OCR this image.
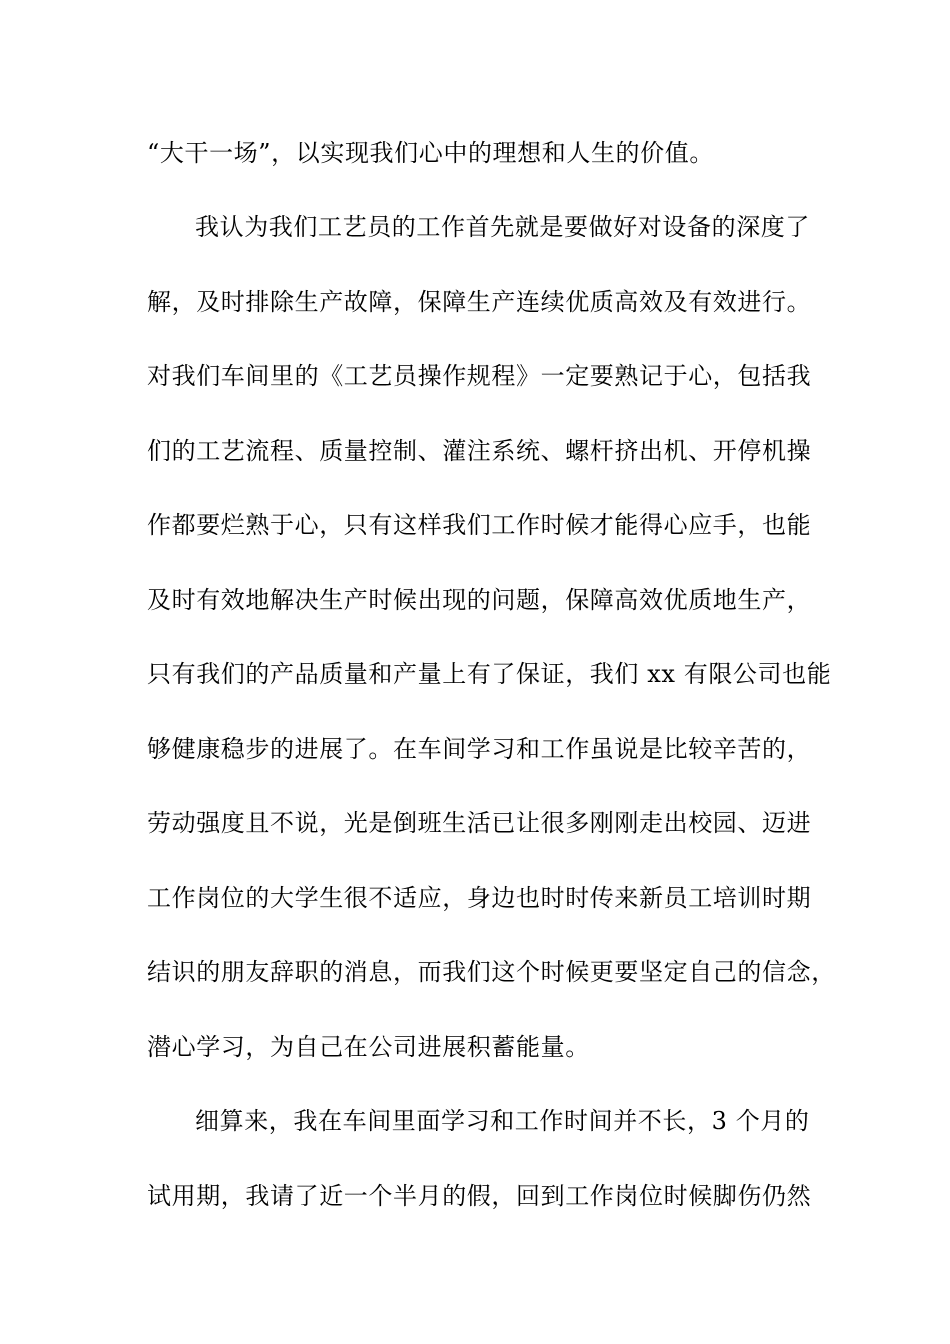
“大干一场”，以实现我们心中的理想和人生的价值。
我认为我们工艺员的工作首先就是要做好对设备的深度了
解，及时排除生产故障，保障生产连续优质高效及有效进行。
对我们车间里的《工艺员操作规程》一定要熟记于心，包括我
们的工艺流程、质量控制、灌注系统、螺杆挤出机、开停机操
作都要烂熟于心，只有这样我们工作时候才能得心应手，也能
及时有效地解决生产时候出现的问题，保障高效优质地生产，
只有我们的产品质量和产量上有了保证，我们 xx 有限公司也能
够健康稳步的进展了。在车间学习和工作虽说是比较辛苦的，
劳动强度且不说，光是倒班生活已让很多刚刚走出校园、迈进
工作岗位的大学生很不适应，身边也时时传来新员工培训时期
结识的朋友辞职的消息，而我们这个时候更要坚定自己的信念，
潜心学习，为自己在公司进展积蓄能量。
细算来，我在车间里面学习和工作时间并不长，3 个月的
试用期，我请了近一个半月的假，回到工作岗位时候脚伤仍然
